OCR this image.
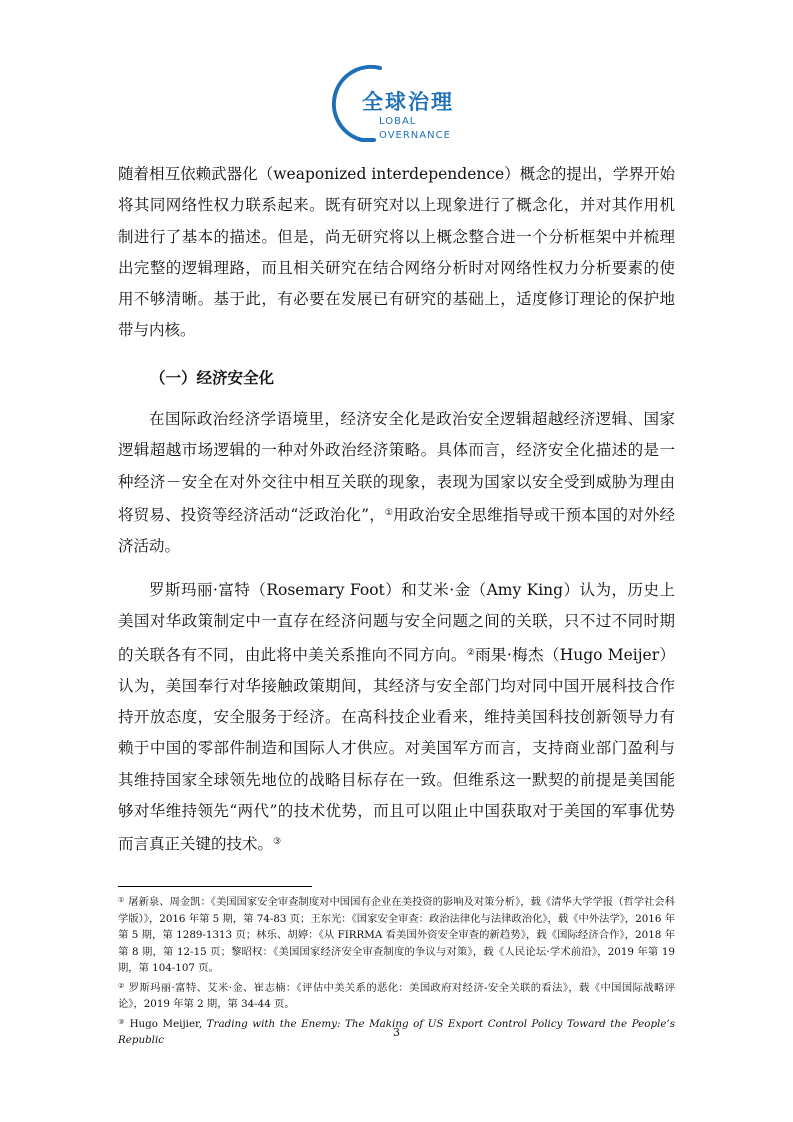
全球治理
LOBAL
OVERNANCE

随着相互依赖武器化（weaponized interdependence）概念的提出，学界开始将其同网络性权力联系起来。既有研究对以上现象进行了概念化，并对其作用机制进行了基本的描述。但是，尚无研究将以上概念整合进一个分析框架中并梳理出完整的逻辑理路，而且相关研究在结合网络分析时对网络性权力分析要素的使用不够清晰。基于此，有必要在发展已有研究的基础上，适度修订理论的保护地带与内核。

（一）经济安全化

在国际政治经济学语境里，经济安全化是政治安全逻辑超越经济逻辑、国家逻辑超越市场逻辑的一种对外政治经济策略。具体而言，经济安全化描述的是一种经济－安全在对外交往中相互关联的现象，表现为国家以安全受到威胁为理由将贸易、投资等经济活动“泛政治化”，①用政治安全思维指导或干预本国的对外经济活动。

罗斯玛丽·富特（Rosemary Foot）和艾米·金（Amy King）认为，历史上美国对华政策制定中一直存在经济问题与安全问题之间的关联，只不过不同时期的关联各有不同，由此将中美关系推向不同方向。②雨果·梅杰（Hugo Meijer）认为，美国奉行对华接触政策期间，其经济与安全部门均对同中国开展科技合作持开放态度，安全服务于经济。在高科技企业看来，维持美国科技创新领导力有赖于中国的零部件制造和国际人才供应。对美国军方而言，支持商业部门盈利与其维持国家全球领先地位的战略目标存在一致。但维系这一默契的前提是美国能够对华维持领先“两代”的技术优势，而且可以阻止中国获取对于美国的军事优势而言真正关键的技术。③

① 屠新泉、周金凯：《美国国家安全审查制度对中国国有企业在美投资的影响及对策分析》，载《清华大学学报（哲学社会科学版）》，2016 年第 5 期，第 74-83 页；王东光：《国家安全审查：政治法律化与法律政治化》，载《中外法学》，2016 年第 5 期，第 1289-1313 页；林乐、胡婷：《从 FIRRMA 看美国外资安全审查的新趋势》，载《国际经济合作》，2018 年第 8 期，第 12-15 页；黎昭权：《美国国家经济安全审查制度的争议与对策》，载《人民论坛·学术前沿》，2019 年第 19 期，第 104-107 页。

② 罗斯玛丽·富特、艾米·金、崔志楠：《评估中美关系的恶化：美国政府对经济-安全关联的看法》，载《中国国际战略评论》，2019 年第 2 期，第 34-44 页。

③ Hugo Meijier, Trading with the Enemy: The Making of US Export Control Policy Toward the People’s Republic

3
